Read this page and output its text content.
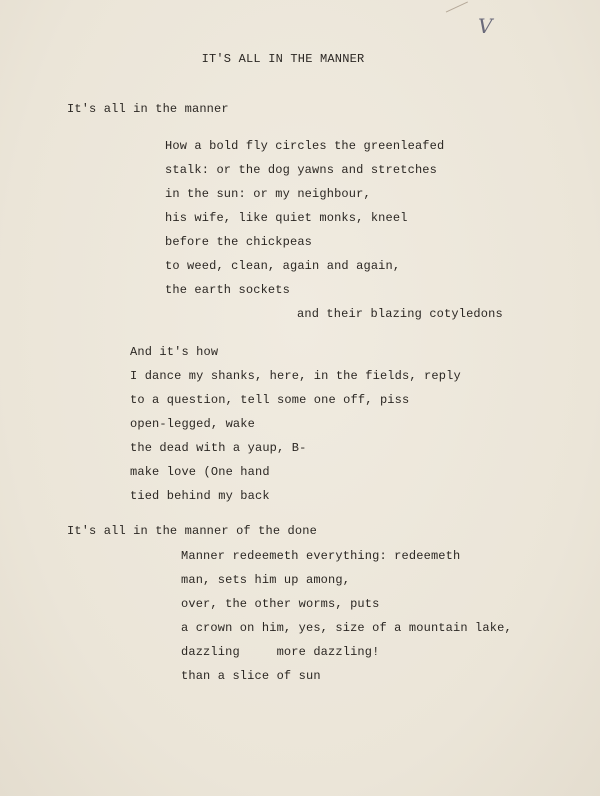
V
IT'S ALL IN THE MANNER
It's all in the manner
How a bold fly circles the greenleafed
stalk: or the dog yawns and stretches
in the sun: or my neighbour,
his wife, like quiet monks, kneel
before the chickpeas
to weed, clean, again and again,
the earth sockets
and their blazing cotyledons
And it's how
I dance my shanks, here, in the fields, reply
to a question, tell some one off, piss
open-legged, wake
the dead with a yaup, B-
make love (One hand
tied behind my back
It's all in the manner of the done
Manner redeemeth everything: redeemeth
man, sets him up among,
over, the other worms, puts
a crown on him, yes, size of a mountain lake,
dazzling     more dazzling!
than a slice of sun
